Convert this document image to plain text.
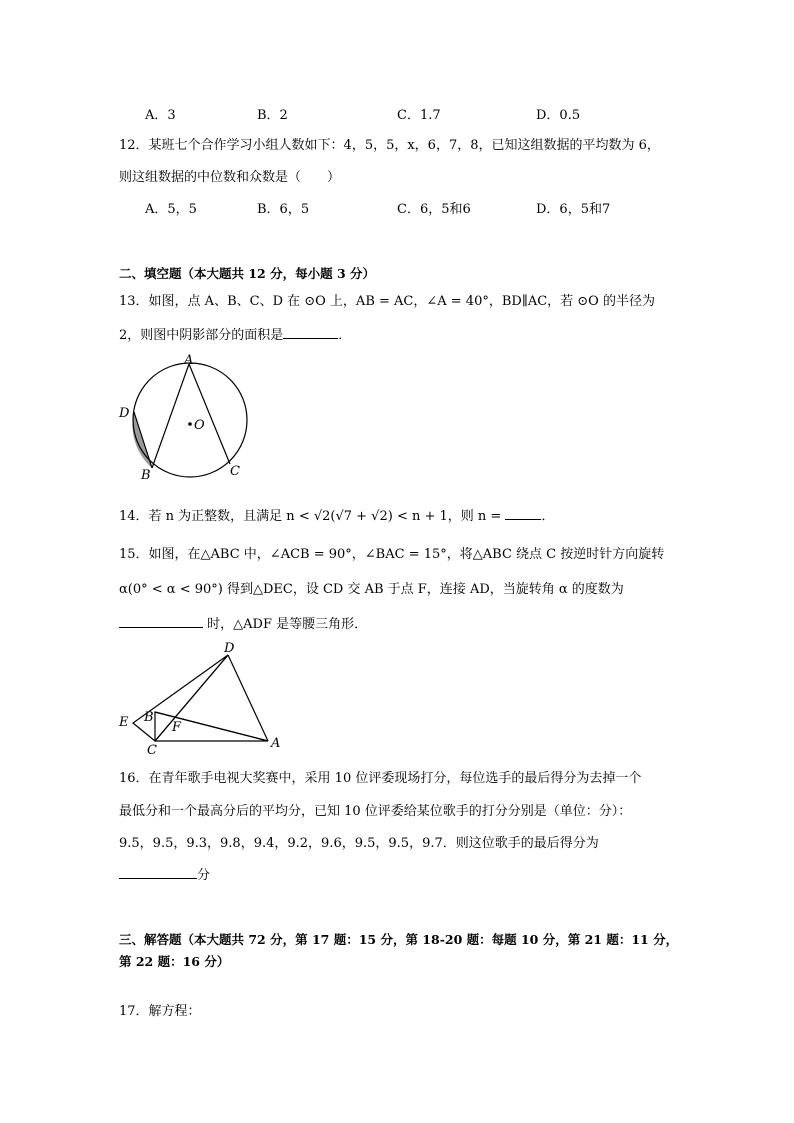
A．3	B．2	C．1.7	D．0.5
12．某班七个合作学习小组人数如下：4，5，5，x，6，7，8，已知这组数据的平均数为 6，
则这组数据的中位数和众数是（　　）
A．5，5	B．6，5	C．6，5和6	D．6，5和7
二、填空题（本大题共 12 分，每小题 3 分）
13．如图，点 A、B、C、D 在 ⊙O 上，AB = AC，∠A = 40°，BD∥AC，若 ⊙O 的半径为
2，则图中阴影部分的面积是	．
A
D
O
B	C
14．若 n 为正整数，且满足 n < √2(√7 + √2) < n + 1，则 n =	．
15．如图，在△ABC 中，∠ACB = 90°，∠BAC = 15°，将△ABC 绕点 C 按逆时针方向旋转
α(0° < α < 90°) 得到△DEC，设 CD 交 AB 于点 F，连接 AD，当旋转角 α 的度数为
时，△ADF 是等腰三角形．
D
E B
F
C	A
16．在青年歌手电视大奖赛中，采用 10 位评委现场打分，每位选手的最后得分为去掉一个
最低分和一个最高分后的平均分，已知 10 位评委给某位歌手的打分分别是（单位：分）：
9.5，9.5，9.3，9.8，9.4，9.2，9.6，9.5，9.5，9.7．则这位歌手的最后得分为
分
三、解答题（本大题共 72 分，第 17 题：15 分，第 18-20 题：每题 10 分，第 21 题：11 分，
第 22 题：16 分）
17．解方程：
